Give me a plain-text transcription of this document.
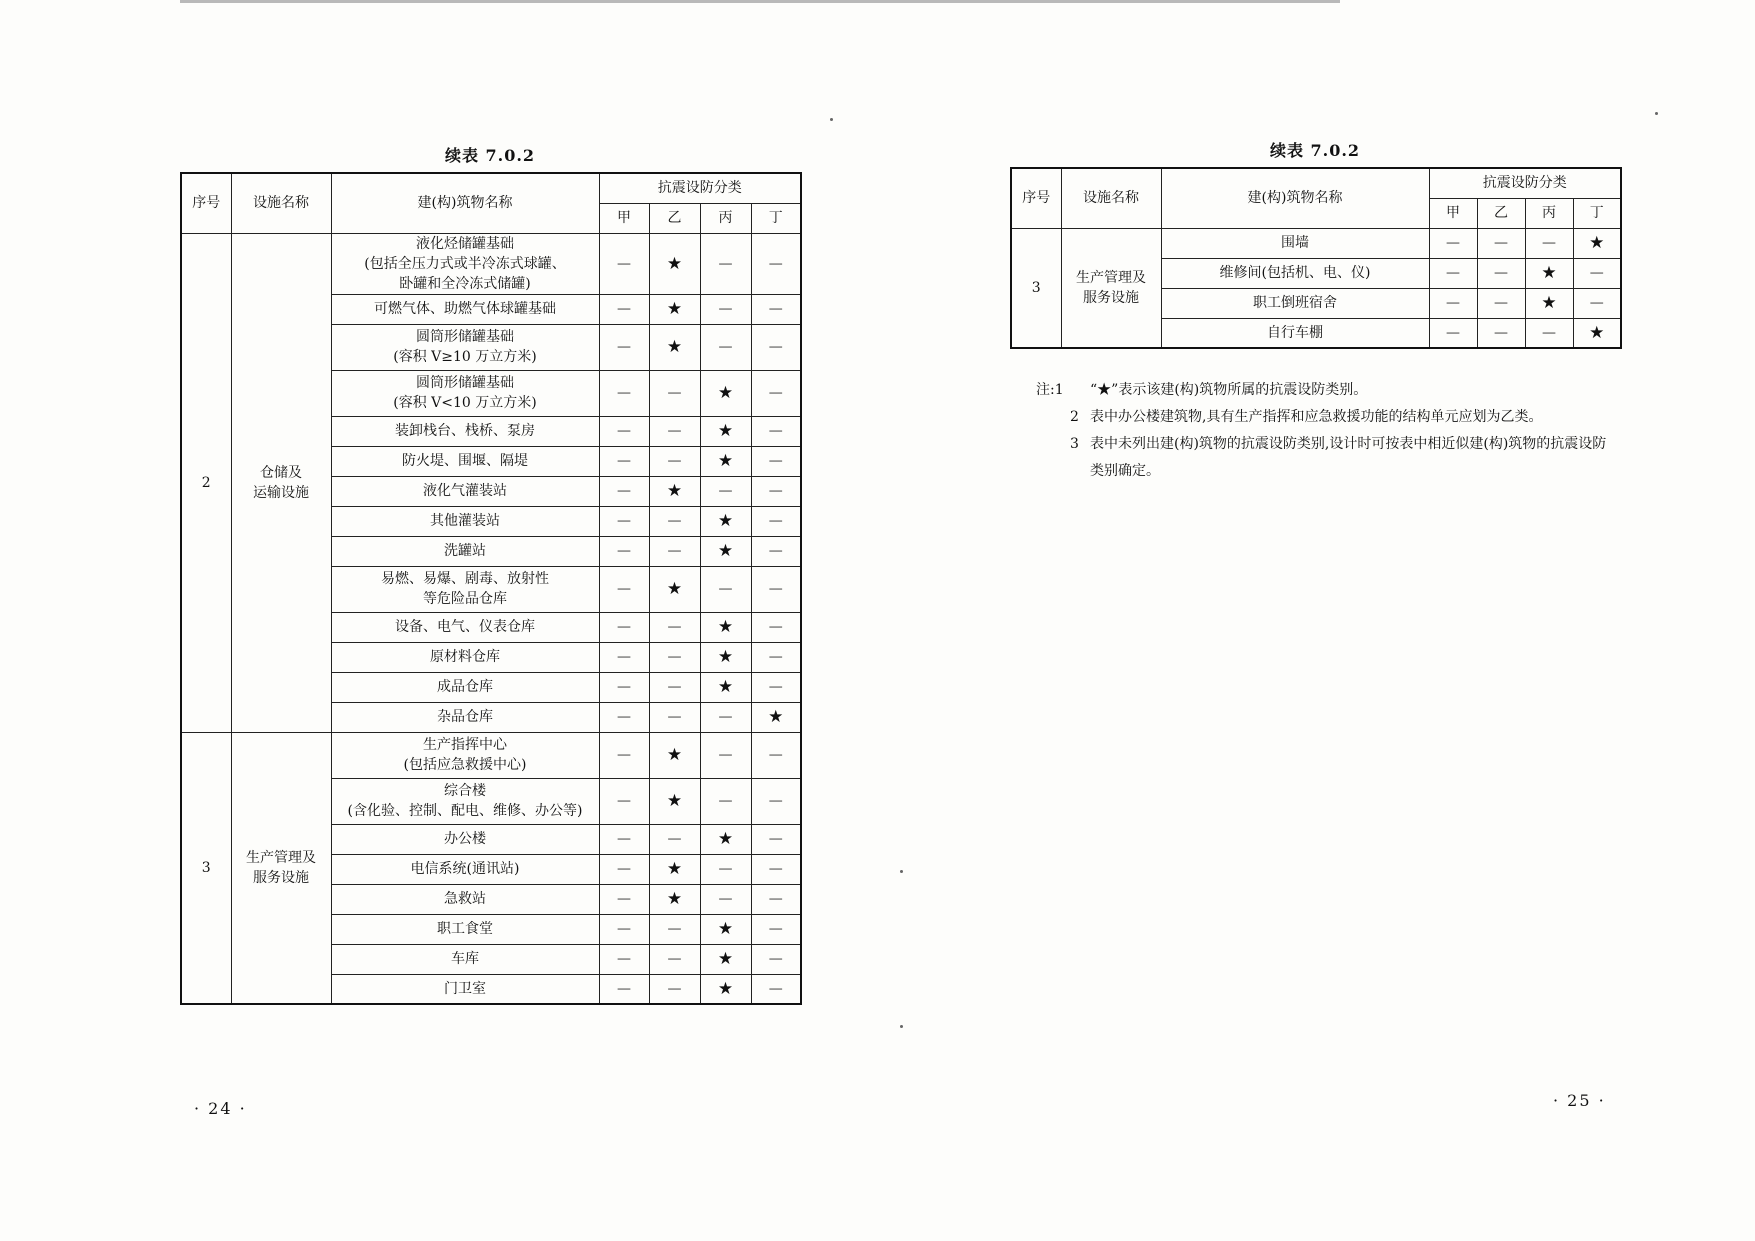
续表 7.0.2
序号	设施名称	建(构)筑物名称	抗震设防分类			
			甲	乙	丙	丁
2	仓储及
运输设施	液化烃储罐基础
(包括全压力式或半冷冻式球罐、
卧罐和全冷冻式储罐)	—	★	—	—
		可燃气体、助燃气体球罐基础	—	★	—	—
		圆筒形储罐基础
(容积 V≥10 万立方米)	—	★	—	—
		圆筒形储罐基础
(容积 V<10 万立方米)	—	—	★	—
		装卸栈台、栈桥、泵房	—	—	★	—
		防火堤、围堰、隔堤	—	—	★	—
		液化气灌装站	—	★	—	—
		其他灌装站	—	—	★	—
		洗罐站	—	—	★	—
		易燃、易爆、剧毒、放射性
等危险品仓库	—	★	—	—
		设备、电气、仪表仓库	—	—	★	—
		原材料仓库	—	—	★	—
		成品仓库	—	—	★	—
		杂品仓库	—	—	—	★
3	生产管理及
服务设施	生产指挥中心
(包括应急救援中心)	—	★	—	—
		综合楼
(含化验、控制、配电、维修、办公等)	—	★	—	—
		办公楼	—	—	★	—
		电信系统(通讯站)	—	★	—	—
		急救站	—	★	—	—
		职工食堂	—	—	★	—
		车库	—	—	★	—
		门卫室	—	—	★	—
· 24 ·
续表 7.0.2
序号	设施名称	建(构)筑物名称	抗震设防分类			
			甲	乙	丙	丁
3	生产管理及
服务设施	围墙	—	—	—	★
		维修间(包括机、电、仪)	—	—	★	—
		职工倒班宿舍	—	—	★	—
		自行车棚	—	—	—	★
注:1 “★”表示该建(构)筑物所属的抗震设防类别。
2 表中办公楼建筑物,具有生产指挥和应急救援功能的结构单元应划为乙类。
3 表中未列出建(构)筑物的抗震设防类别,设计时可按表中相近似建(构)筑物的抗震设防类别确定。
· 25 ·
